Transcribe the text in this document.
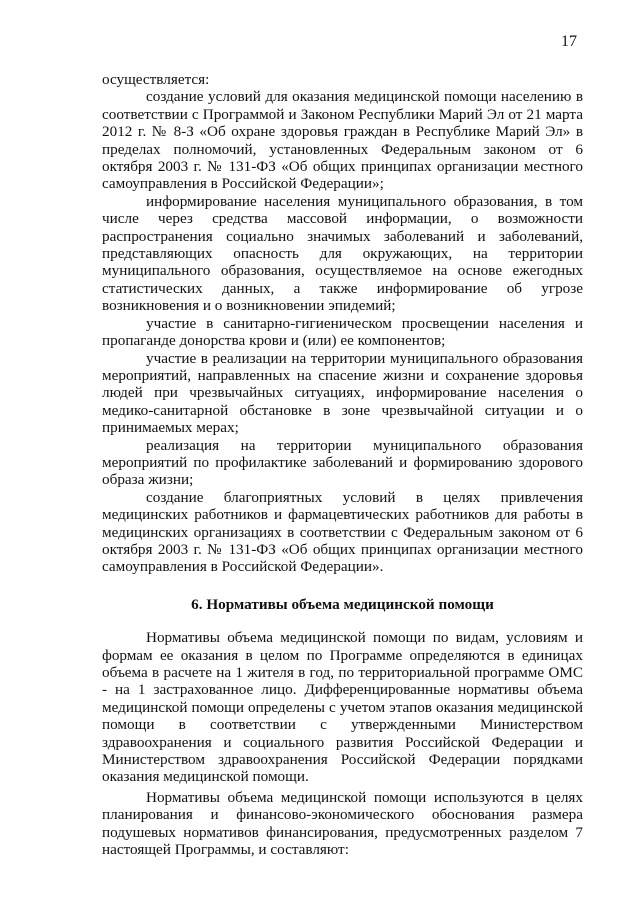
17

осуществляется:

создание условий для оказания медицинской помощи населению в соответствии с Программой и Законом Республики Марий Эл от 21 марта 2012 г. № 8-З «Об охране здоровья граждан в Республике Марий Эл» в пределах полномочий, установленных Федеральным законом от 6 октября 2003 г. № 131-ФЗ «Об общих принципах организации местного самоуправления в Российской Федерации»;

информирование населения муниципального образования, в том числе через средства массовой информации, о возможности распространения социально значимых заболеваний и заболеваний, представляющих опасность для окружающих, на территории муниципального образования, осуществляемое на основе ежегодных статистических данных, а также информирование об угрозе возникновения и о возникновении эпидемий;

участие в санитарно-гигиеническом просвещении населения и пропаганде донорства крови и (или) ее компонентов;

участие в реализации на территории муниципального образования мероприятий, направленных на спасение жизни и сохранение здоровья людей при чрезвычайных ситуациях, информирование населения о медико-санитарной обстановке в зоне чрезвычайной ситуации и о принимаемых мерах;

реализация на территории муниципального образования мероприятий по профилактике заболеваний и формированию здорового образа жизни;

создание благоприятных условий в целях привлечения медицинских работников и фармацевтических работников для работы в медицинских организациях в соответствии с Федеральным законом от 6 октября 2003 г. № 131-ФЗ «Об общих принципах организации местного самоуправления в Российской Федерации».

6. Нормативы объема медицинской помощи

Нормативы объема медицинской помощи по видам, условиям и формам ее оказания в целом по Программе определяются в единицах объема в расчете на 1 жителя в год, по территориальной программе ОМС - на 1 застрахованное лицо. Дифференцированные нормативы объема медицинской помощи определены с учетом этапов оказания медицинской помощи в соответствии с утвержденными Министерством здравоохранения и социального развития Российской Федерации и Министерством здравоохранения Российской Федерации порядками оказания медицинской помощи.

Нормативы объема медицинской помощи используются в целях планирования и финансово-экономического обоснования размера подушевых нормативов финансирования, предусмотренных разделом 7 настоящей Программы, и составляют:
